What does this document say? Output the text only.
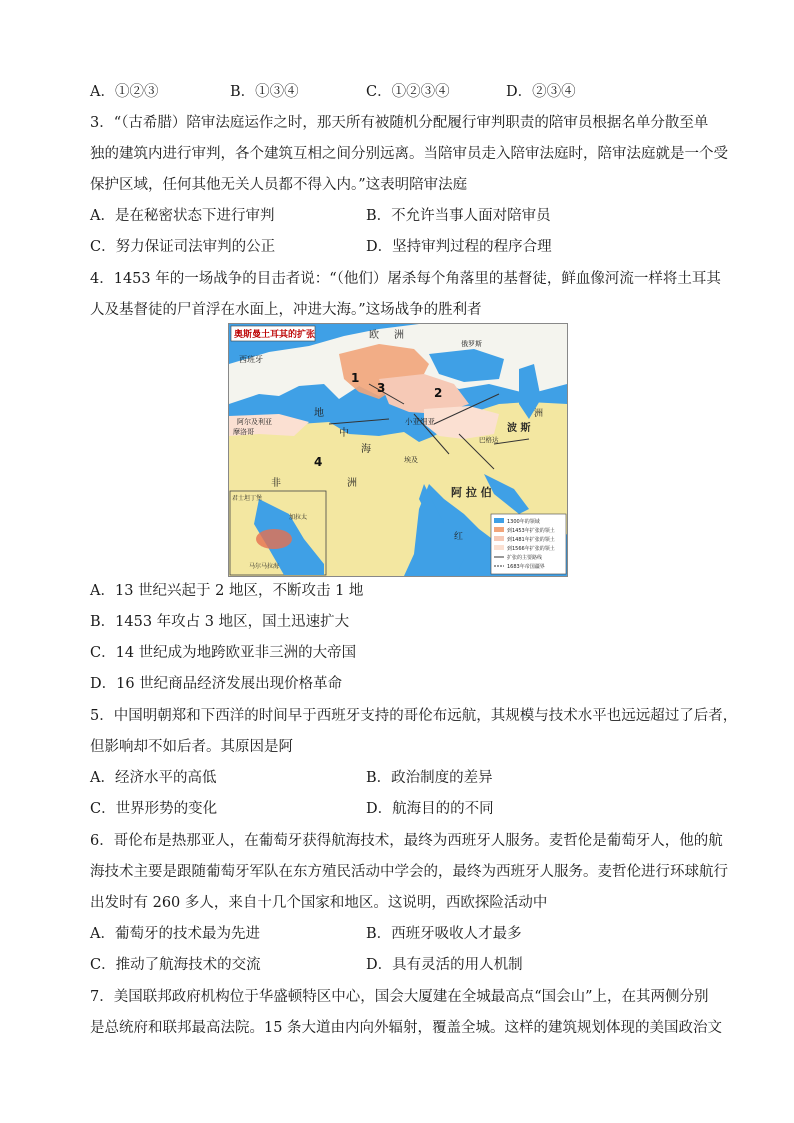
A．①②③	B．①③④	C．①②③④	D．②③④
3．“（古希腊）陪审法庭运作之时，那天所有被随机分配履行审判职责的陪审员根据名单分散至单
独的建筑内进行审判，各个建筑互相之间分别远离。当陪审员走入陪审法庭时，陪审法庭就是一个受
保护区域，任何其他无关人员都不得入内。”这表明陪审法庭
A．是在秘密状态下进行审判	B．不允许当事人面对陪审员
C．努力保证司法审判的公正	D．坚持审判过程的程序合理
4．1453 年的一场战争的目击者说：“（他们）屠杀每个角落里的基督徒，鲜血像河流一样将土耳其
人及基督徒的尸首浮在水面上，冲进大海。”这场战争的胜利者
奥斯曼土耳其的扩张
西班牙
欧 洲
俄罗斯
阿尔及利亚
摩洛哥
地
中
海
小亚细亚
波 斯
洲
阿 拉 伯
非	洲
埃及
巴格达
红
1
2
3
4
君士坦丁堡
加拉太
马尔马拉海
1300年的领域
到1453年扩张的领土
到1481年扩张的领土
到1566年扩张的领土
扩张的主要路线
1683年帝国疆界
A．13 世纪兴起于 2 地区，不断攻击 1 地
B．1453 年攻占 3 地区，国土迅速扩大
C．14 世纪成为地跨欧亚非三洲的大帝国
D．16 世纪商品经济发展出现价格革命
5．中国明朝郑和下西洋的时间早于西班牙支持的哥伦布远航，其规模与技术水平也远远超过了后者，
但影响却不如后者。其原因是阿
A．经济水平的高低	B．政治制度的差异
C．世界形势的变化	D．航海目的的不同
6．哥伦布是热那亚人，在葡萄牙获得航海技术，最终为西班牙人服务。麦哲伦是葡萄牙人，他的航
海技术主要是跟随葡萄牙军队在东方殖民活动中学会的，最终为西班牙人服务。麦哲伦进行环球航行
出发时有 260 多人，来自十几个国家和地区。这说明，西欧探险活动中
A．葡萄牙的技术最为先进	B．西班牙吸收人才最多
C．推动了航海技术的交流	D．具有灵活的用人机制
7．美国联邦政府机构位于华盛顿特区中心，国会大厦建在全城最高点“国会山”上，在其两侧分别
是总统府和联邦最高法院。15 条大道由内向外辐射，覆盖全城。这样的建筑规划体现的美国政治文
